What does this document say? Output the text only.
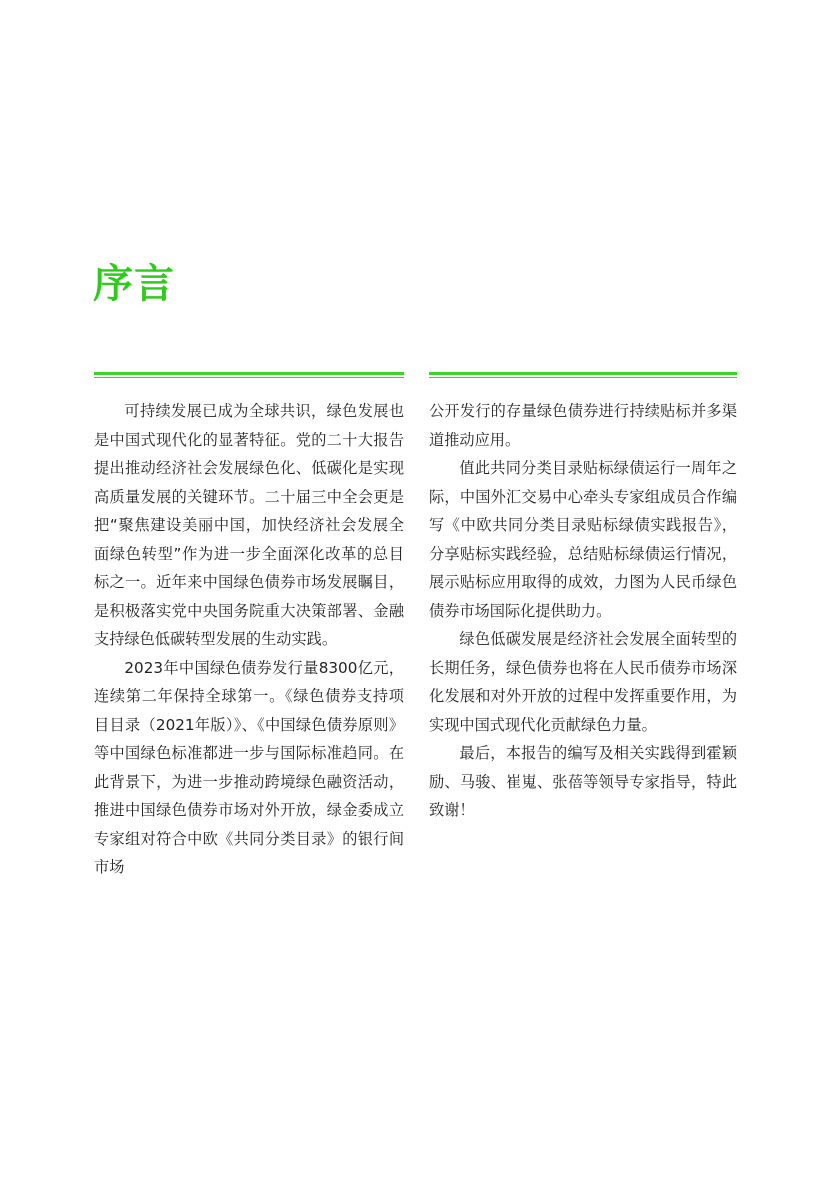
序言

可持续发展已成为全球共识，绿色发展也是中国式现代化的显著特征。党的二十大报告提出推动经济社会发展绿色化、低碳化是实现高质量发展的关键环节。二十届三中全会更是把“聚焦建设美丽中国，加快经济社会发展全面绿色转型”作为进一步全面深化改革的总目标之一。近年来中国绿色债券市场发展瞩目，是积极落实党中央国务院重大决策部署、金融支持绿色低碳转型发展的生动实践。

2023年中国绿色债券发行量8300亿元，连续第二年保持全球第一。《绿色债券支持项目目录（2021年版）》、《中国绿色债券原则》等中国绿色标准都进一步与国际标准趋同。在此背景下，为进一步推动跨境绿色融资活动，推进中国绿色债券市场对外开放，绿金委成立专家组对符合中欧《共同分类目录》的银行间市场

公开发行的存量绿色债券进行持续贴标并多渠道推动应用。

值此共同分类目录贴标绿债运行一周年之际，中国外汇交易中心牵头专家组成员合作编写《中欧共同分类目录贴标绿债实践报告》，分享贴标实践经验，总结贴标绿债运行情况，展示贴标应用取得的成效，力图为人民币绿色债券市场国际化提供助力。

绿色低碳发展是经济社会发展全面转型的长期任务，绿色债券也将在人民币债券市场深化发展和对外开放的过程中发挥重要作用，为实现中国式现代化贡献绿色力量。

最后，本报告的编写及相关实践得到霍颖励、马骏、崔嵬、张蓓等领导专家指导，特此致谢！
